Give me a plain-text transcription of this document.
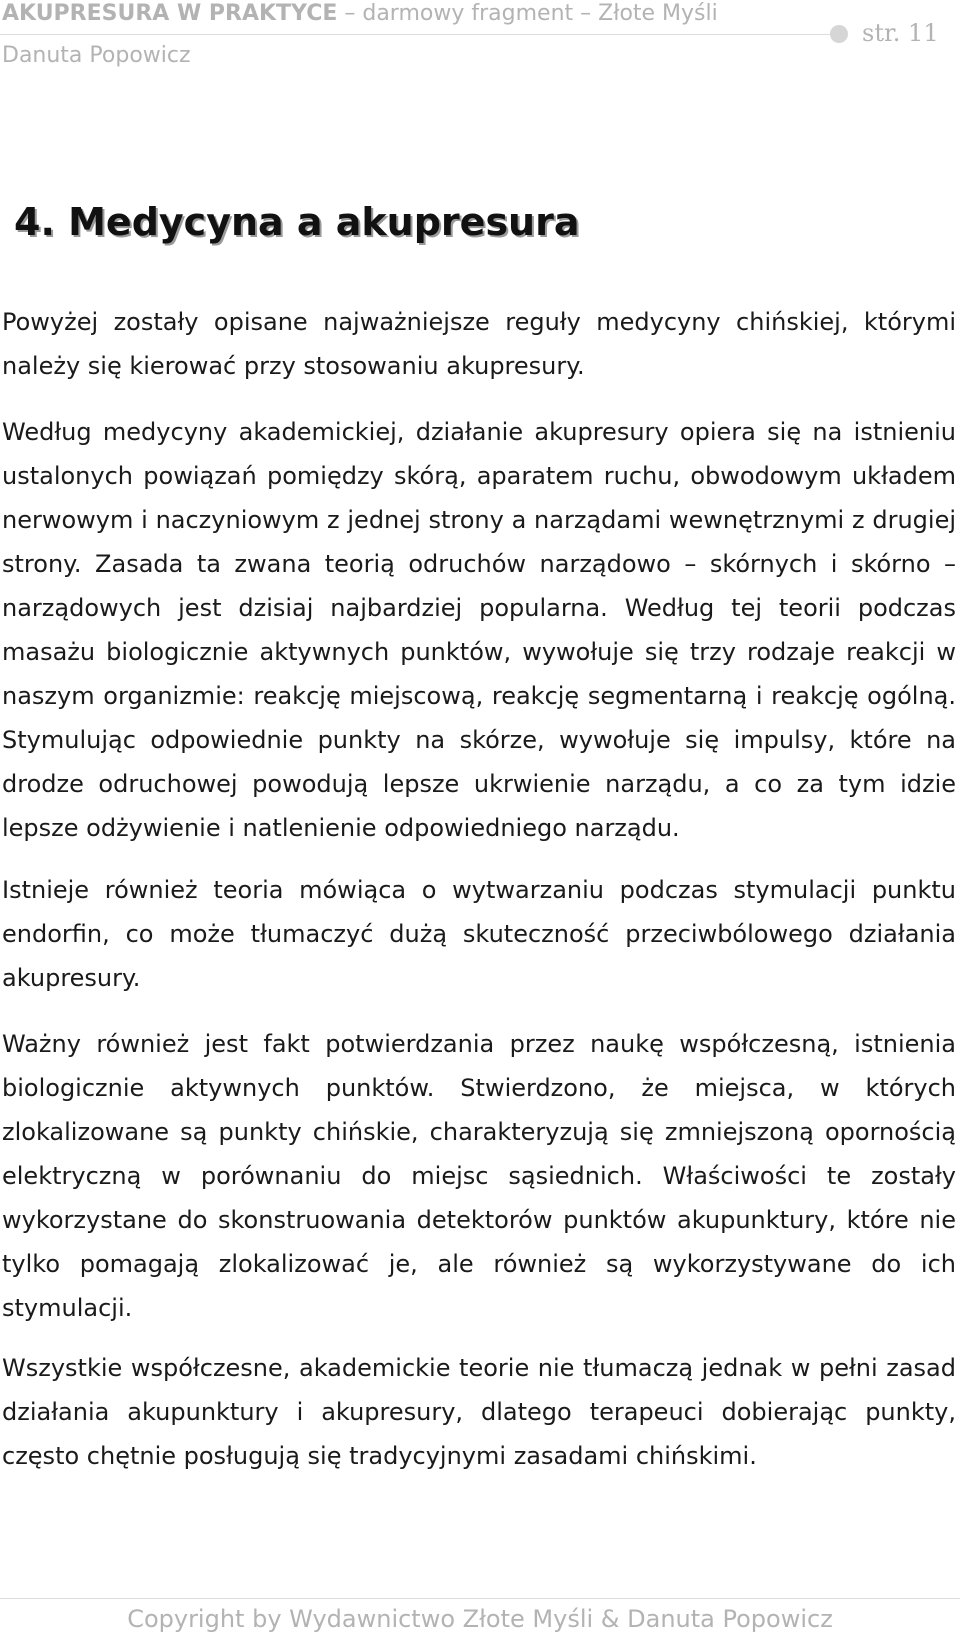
AKUPRESURA W PRAKTYCE – darmowy fragment – Złote Myśli
Danuta Popowicz
str. 11
4. Medycyna a akupresura

Powyżej zostały opisane najważniejsze reguły medycyny chińskiej, którymi należy się kierować przy stosowaniu akupresury.

Według medycyny akademickiej, działanie akupresury opiera się na istnieniu ustalonych powiązań pomiędzy skórą, aparatem ruchu, obwodowym układem nerwowym i naczyniowym z jednej strony a narządami wewnętrznymi z drugiej strony. Zasada ta zwana teorią odruchów narządowo – skórnych i skórno – narządowych jest dzisiaj najbardziej popularna. Według tej teorii podczas masażu biologicznie aktywnych punktów, wywołuje się trzy rodzaje reakcji w naszym organizmie: reakcję miejscową, reakcję segmentarną i reakcję ogólną. Stymulując odpowiednie punkty na skórze, wywołuje się impulsy, które na drodze odruchowej powodują lepsze ukrwienie narządu, a co za tym idzie lepsze odżywienie i natlenienie odpowiedniego narządu.

Istnieje również teoria mówiąca o wytwarzaniu podczas stymulacji punktu endorfin, co może tłumaczyć dużą skuteczność przeciwbólowego działania akupresury.

Ważny również jest fakt potwierdzania przez naukę współczesną, istnienia biologicznie aktywnych punktów. Stwierdzono, że miejsca, w których zlokalizowane są punkty chińskie, charakteryzują się zmniejszoną opornością elektryczną w porównaniu do miejsc sąsiednich. Właściwości te zostały wykorzystane do skonstruowania detektorów punktów akupunktury, które nie tylko pomagają zlokalizować je, ale również są wykorzystywane do ich stymulacji.

Wszystkie współczesne, akademickie teorie nie tłumaczą jednak w pełni zasad działania akupunktury i akupresury, dlatego terapeuci dobierając punkty, często chętnie posługują się tradycyjnymi zasadami chińskimi.

Copyright by Wydawnictwo Złote Myśli & Danuta Popowicz
